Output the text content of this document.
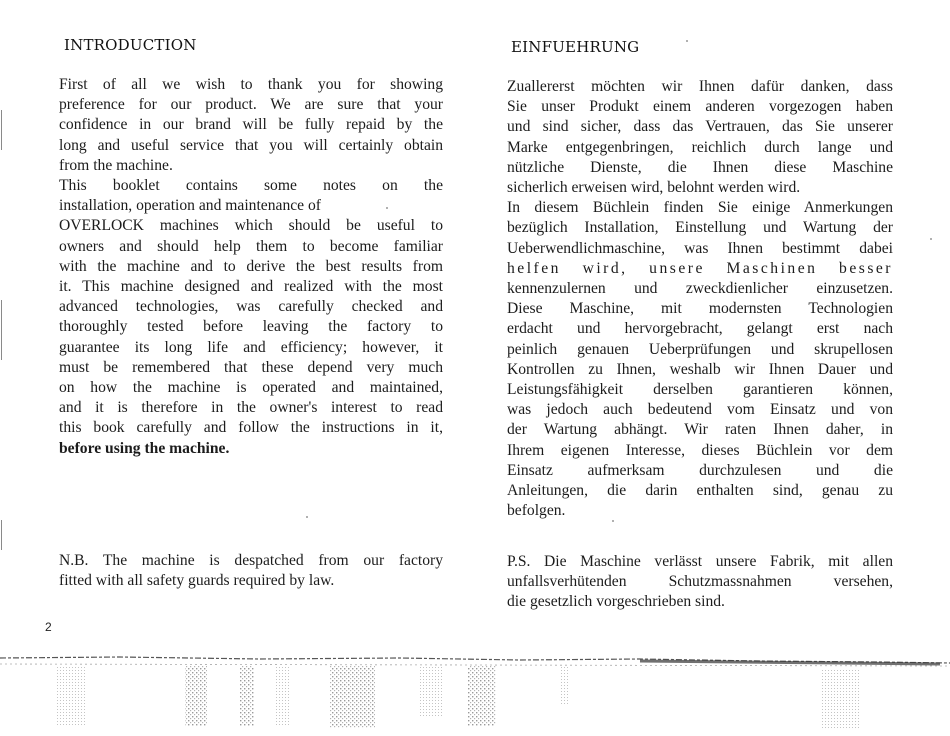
INTRODUCTION
First of all we wish to thank you for showing
preference for our product. We are sure that your
confidence in our brand will be fully repaid by the
long and useful service that you will certainly obtain
from the machine.
This booklet contains some notes on the
installation, operation and maintenance of
OVERLOCK machines which should be useful to
owners and should help them to become familiar
with the machine and to derive the best results from
it. This machine designed and realized with the most
advanced technologies, was carefully checked and
thoroughly tested before leaving the factory to
guarantee its long life and efficiency; however, it
must be remembered that these depend very much
on how the machine is operated and maintained,
and it is therefore in the owner's interest to read
this book carefully and follow the instructions in it,
before using the machine.
N.B. The machine is despatched from our factory
fitted with all safety guards required by law.
EINFUEHRUNG
Zuallererst möchten wir Ihnen dafür danken, dass
Sie unser Produkt einem anderen vorgezogen haben
und sind sicher, dass das Vertrauen, das Sie unserer
Marke entgegenbringen, reichlich durch lange und
nützliche Dienste, die Ihnen diese Maschine
sicherlich erweisen wird, belohnt werden wird.
In diesem Büchlein finden Sie einige Anmerkungen
bezüglich Installation, Einstellung und Wartung der
Ueberwendlichmaschine, was Ihnen bestimmt dabei
helfen wird, unsere Maschinen besser
kennenzulernen und zweckdienlicher einzusetzen.
Diese Maschine, mit modernsten Technologien
erdacht und hervorgebracht, gelangt erst nach
peinlich genauen Ueberprüfungen und skrupellosen
Kontrollen zu Ihnen, weshalb wir Ihnen Dauer und
Leistungsfähigkeit derselben garantieren können,
was jedoch auch bedeutend vom Einsatz und von
der Wartung abhängt. Wir raten Ihnen daher, in
Ihrem eigenen Interesse, dieses Büchlein vor dem
Einsatz aufmerksam durchzulesen und die
Anleitungen, die darin enthalten sind, genau zu
befolgen.
P.S. Die Maschine verlässt unsere Fabrik, mit allen
unfallsverhütenden Schutzmassnahmen versehen,
die gesetzlich vorgeschrieben sind.
2
